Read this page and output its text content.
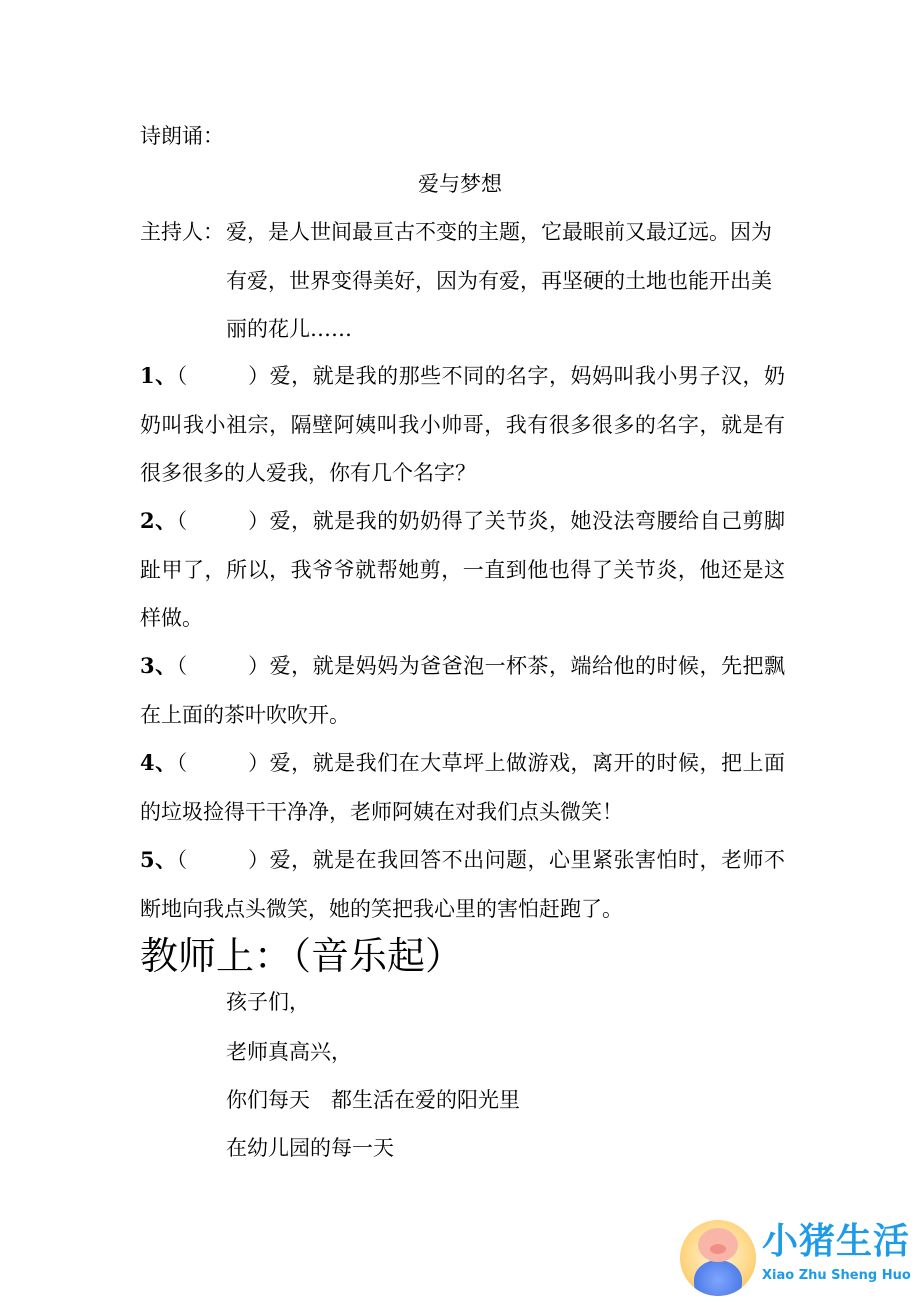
诗朗诵：
爱与梦想
主持人： 爱，是人世间最亘古不变的主题，它最眼前又最辽远。因为有爱，世界变得美好，因为有爱，再坚硬的土地也能开出美丽的花儿……
1、（	）爱，就是我的那些不同的名字，妈妈叫我小男子汉，奶奶叫我小祖宗，隔壁阿姨叫我小帅哥，我有很多很多的名字，就是有很多很多的人爱我，你有几个名字？
2、（	）爱，就是我的奶奶得了关节炎，她没法弯腰给自己剪脚趾甲了，所以，我爷爷就帮她剪，一直到他也得了关节炎，他还是这样做。
3、（	）爱，就是妈妈为爸爸泡一杯茶，端给他的时候，先把飘在上面的茶叶吹吹开。
4、（	）爱，就是我们在大草坪上做游戏，离开的时候，把上面的垃圾捡得干干净净，老师阿姨在对我们点头微笑！
5、（	）爱，就是在我回答不出问题，心里紧张害怕时，老师不断地向我点头微笑，她的笑把我心里的害怕赶跑了。
教师上：（音乐起）
孩子们，
老师真高兴，
你们每天　都生活在爱的阳光里
在幼儿园的每一天
小猪生活
Xiao Zhu Sheng Huo
